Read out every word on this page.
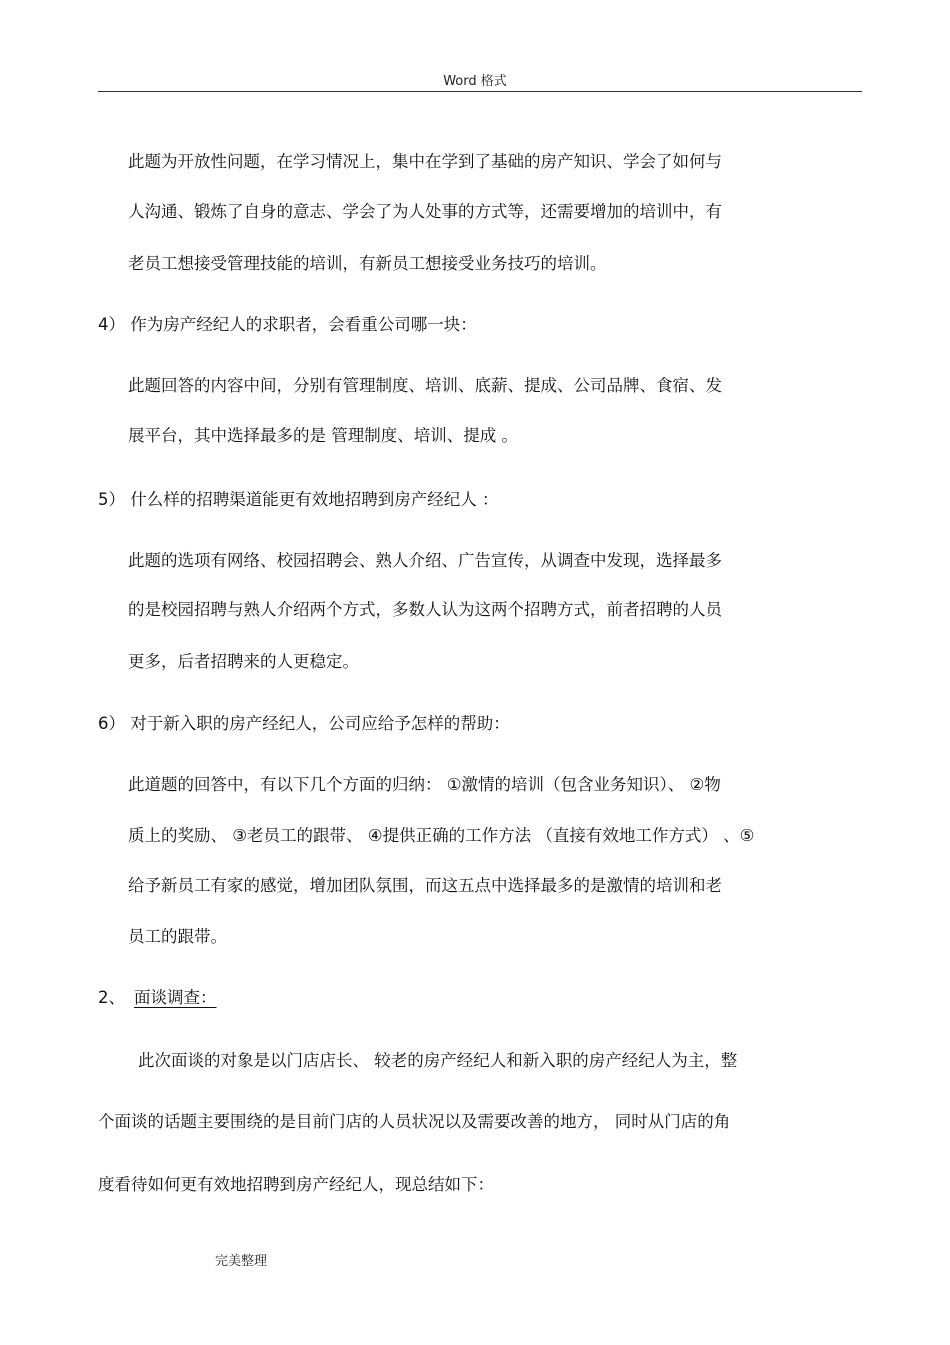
Word 格式
此题为开放性问题，在学习情况上，集中在学到了基础的房产知识、学会了如何与
人沟通、锻炼了自身的意志、学会了为人处事的方式等，还需要增加的培训中，有
老员工想接受管理技能的培训，有新员工想接受业务技巧的培训。
4） 作为房产经纪人的求职者，会看重公司哪一块：
此题回答的内容中间，分别有管理制度、培训、底薪、提成、公司品牌、食宿、发
展平台，其中选择最多的是 管理制度、培训、提成 。
5） 什么样的招聘渠道能更有效地招聘到房产经纪人 ：
此题的选项有网络、校园招聘会、熟人介绍、广告宣传，从调查中发现，选择最多
的是校园招聘与熟人介绍两个方式，多数人认为这两个招聘方式，前者招聘的人员
更多，后者招聘来的人更稳定。
6） 对于新入职的房产经纪人，公司应给予怎样的帮助：
此道题的回答中，有以下几个方面的归纳： ①激情的培训（包含业务知识）、 ②物
质上的奖励、 ③老员工的跟带、 ④提供正确的工作方法 （直接有效地工作方式） 、⑤
给予新员工有家的感觉，增加团队氛围，而这五点中选择最多的是激情的培训和老
员工的跟带。
2、 面谈调查：
此次面谈的对象是以门店店长、 较老的房产经纪人和新入职的房产经纪人为主，整
个面谈的话题主要围绕的是目前门店的人员状况以及需要改善的地方， 同时从门店的角
度看待如何更有效地招聘到房产经纪人，现总结如下：
完美整理
